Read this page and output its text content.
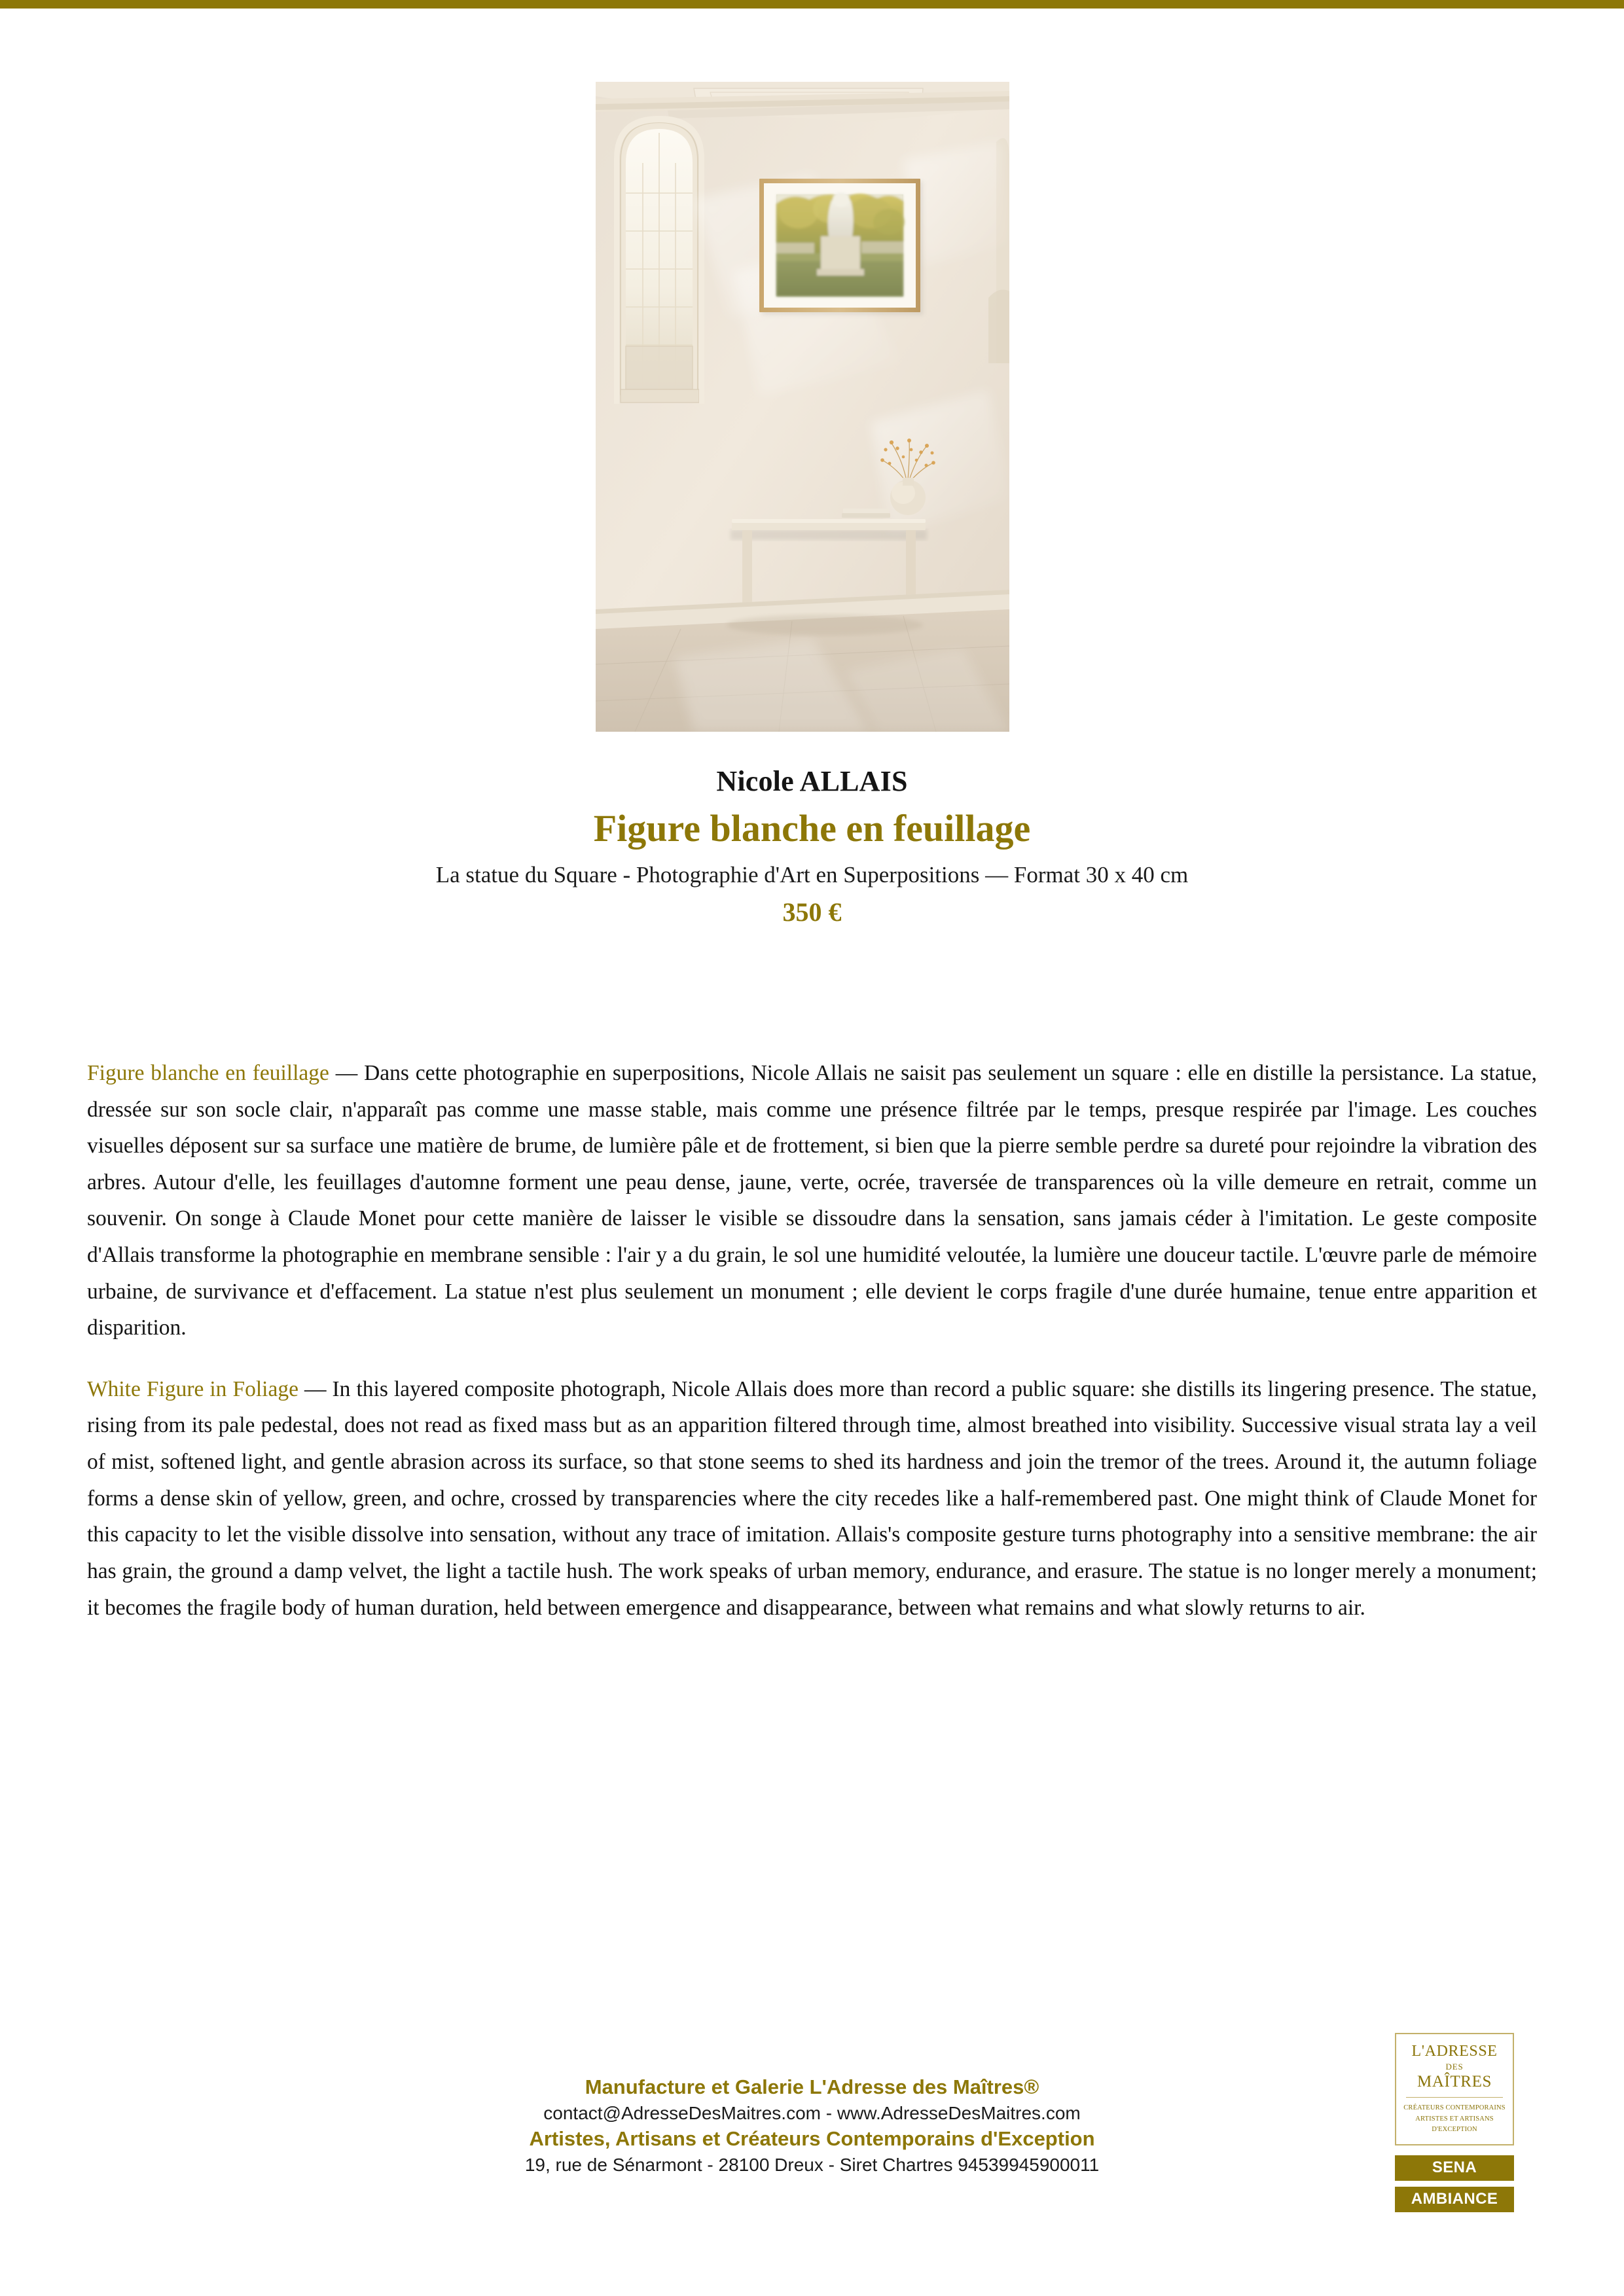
Nicole ALLAIS
Figure blanche en feuillage
La statue du Square - Photographie d'Art en Superpositions — Format 30 x 40 cm
350 €

Figure blanche en feuillage — Dans cette photographie en superpositions, Nicole Allais ne saisit pas seulement un square : elle en distille la persistance. La statue, dressée sur son socle clair, n'apparaît pas comme une masse stable, mais comme une présence filtrée par le temps, presque respirée par l'image. Les couches visuelles déposent sur sa surface une matière de brume, de lumière pâle et de frottement, si bien que la pierre semble perdre sa dureté pour rejoindre la vibration des arbres. Autour d'elle, les feuillages d'automne forment une peau dense, jaune, verte, ocrée, traversée de transparences où la ville demeure en retrait, comme un souvenir. On songe à Claude Monet pour cette manière de laisser le visible se dissoudre dans la sensation, sans jamais céder à l'imitation. Le geste composite d'Allais transforme la photographie en membrane sensible : l'air y a du grain, le sol une humidité veloutée, la lumière une douceur tactile. L'œuvre parle de mémoire urbaine, de survivance et d'effacement. La statue n'est plus seulement un monument ; elle devient le corps fragile d'une durée humaine, tenue entre apparition et disparition.

White Figure in Foliage — In this layered composite photograph, Nicole Allais does more than record a public square: she distills its lingering presence. The statue, rising from its pale pedestal, does not read as fixed mass but as an apparition filtered through time, almost breathed into visibility. Successive visual strata lay a veil of mist, softened light, and gentle abrasion across its surface, so that stone seems to shed its hardness and join the tremor of the trees. Around it, the autumn foliage forms a dense skin of yellow, green, and ochre, crossed by transparencies where the city recedes like a half-remembered past. One might think of Claude Monet for this capacity to let the visible dissolve into sensation, without any trace of imitation. Allais's composite gesture turns photography into a sensitive membrane: the air has grain, the ground a damp velvet, the light a tactile hush. The work speaks of urban memory, endurance, and erasure. The statue is no longer merely a monument; it becomes the fragile body of human duration, held between emergence and disappearance, between what remains and what slowly returns to air.

Manufacture et Galerie L'Adresse des Maîtres®
contact@AdresseDesMaitres.com - www.AdresseDesMaitres.com
Artistes, Artisans et Créateurs Contemporains d'Exception
19, rue de Sénarmont - 28100 Dreux - Siret Chartres 94539945900011
L'ADRESSE
DES
MAÎTRES
CRÉATEURS CONTEMPORAINS
ARTISTES ET ARTISANS
D'EXCEPTION
SENA
AMBIANCE
